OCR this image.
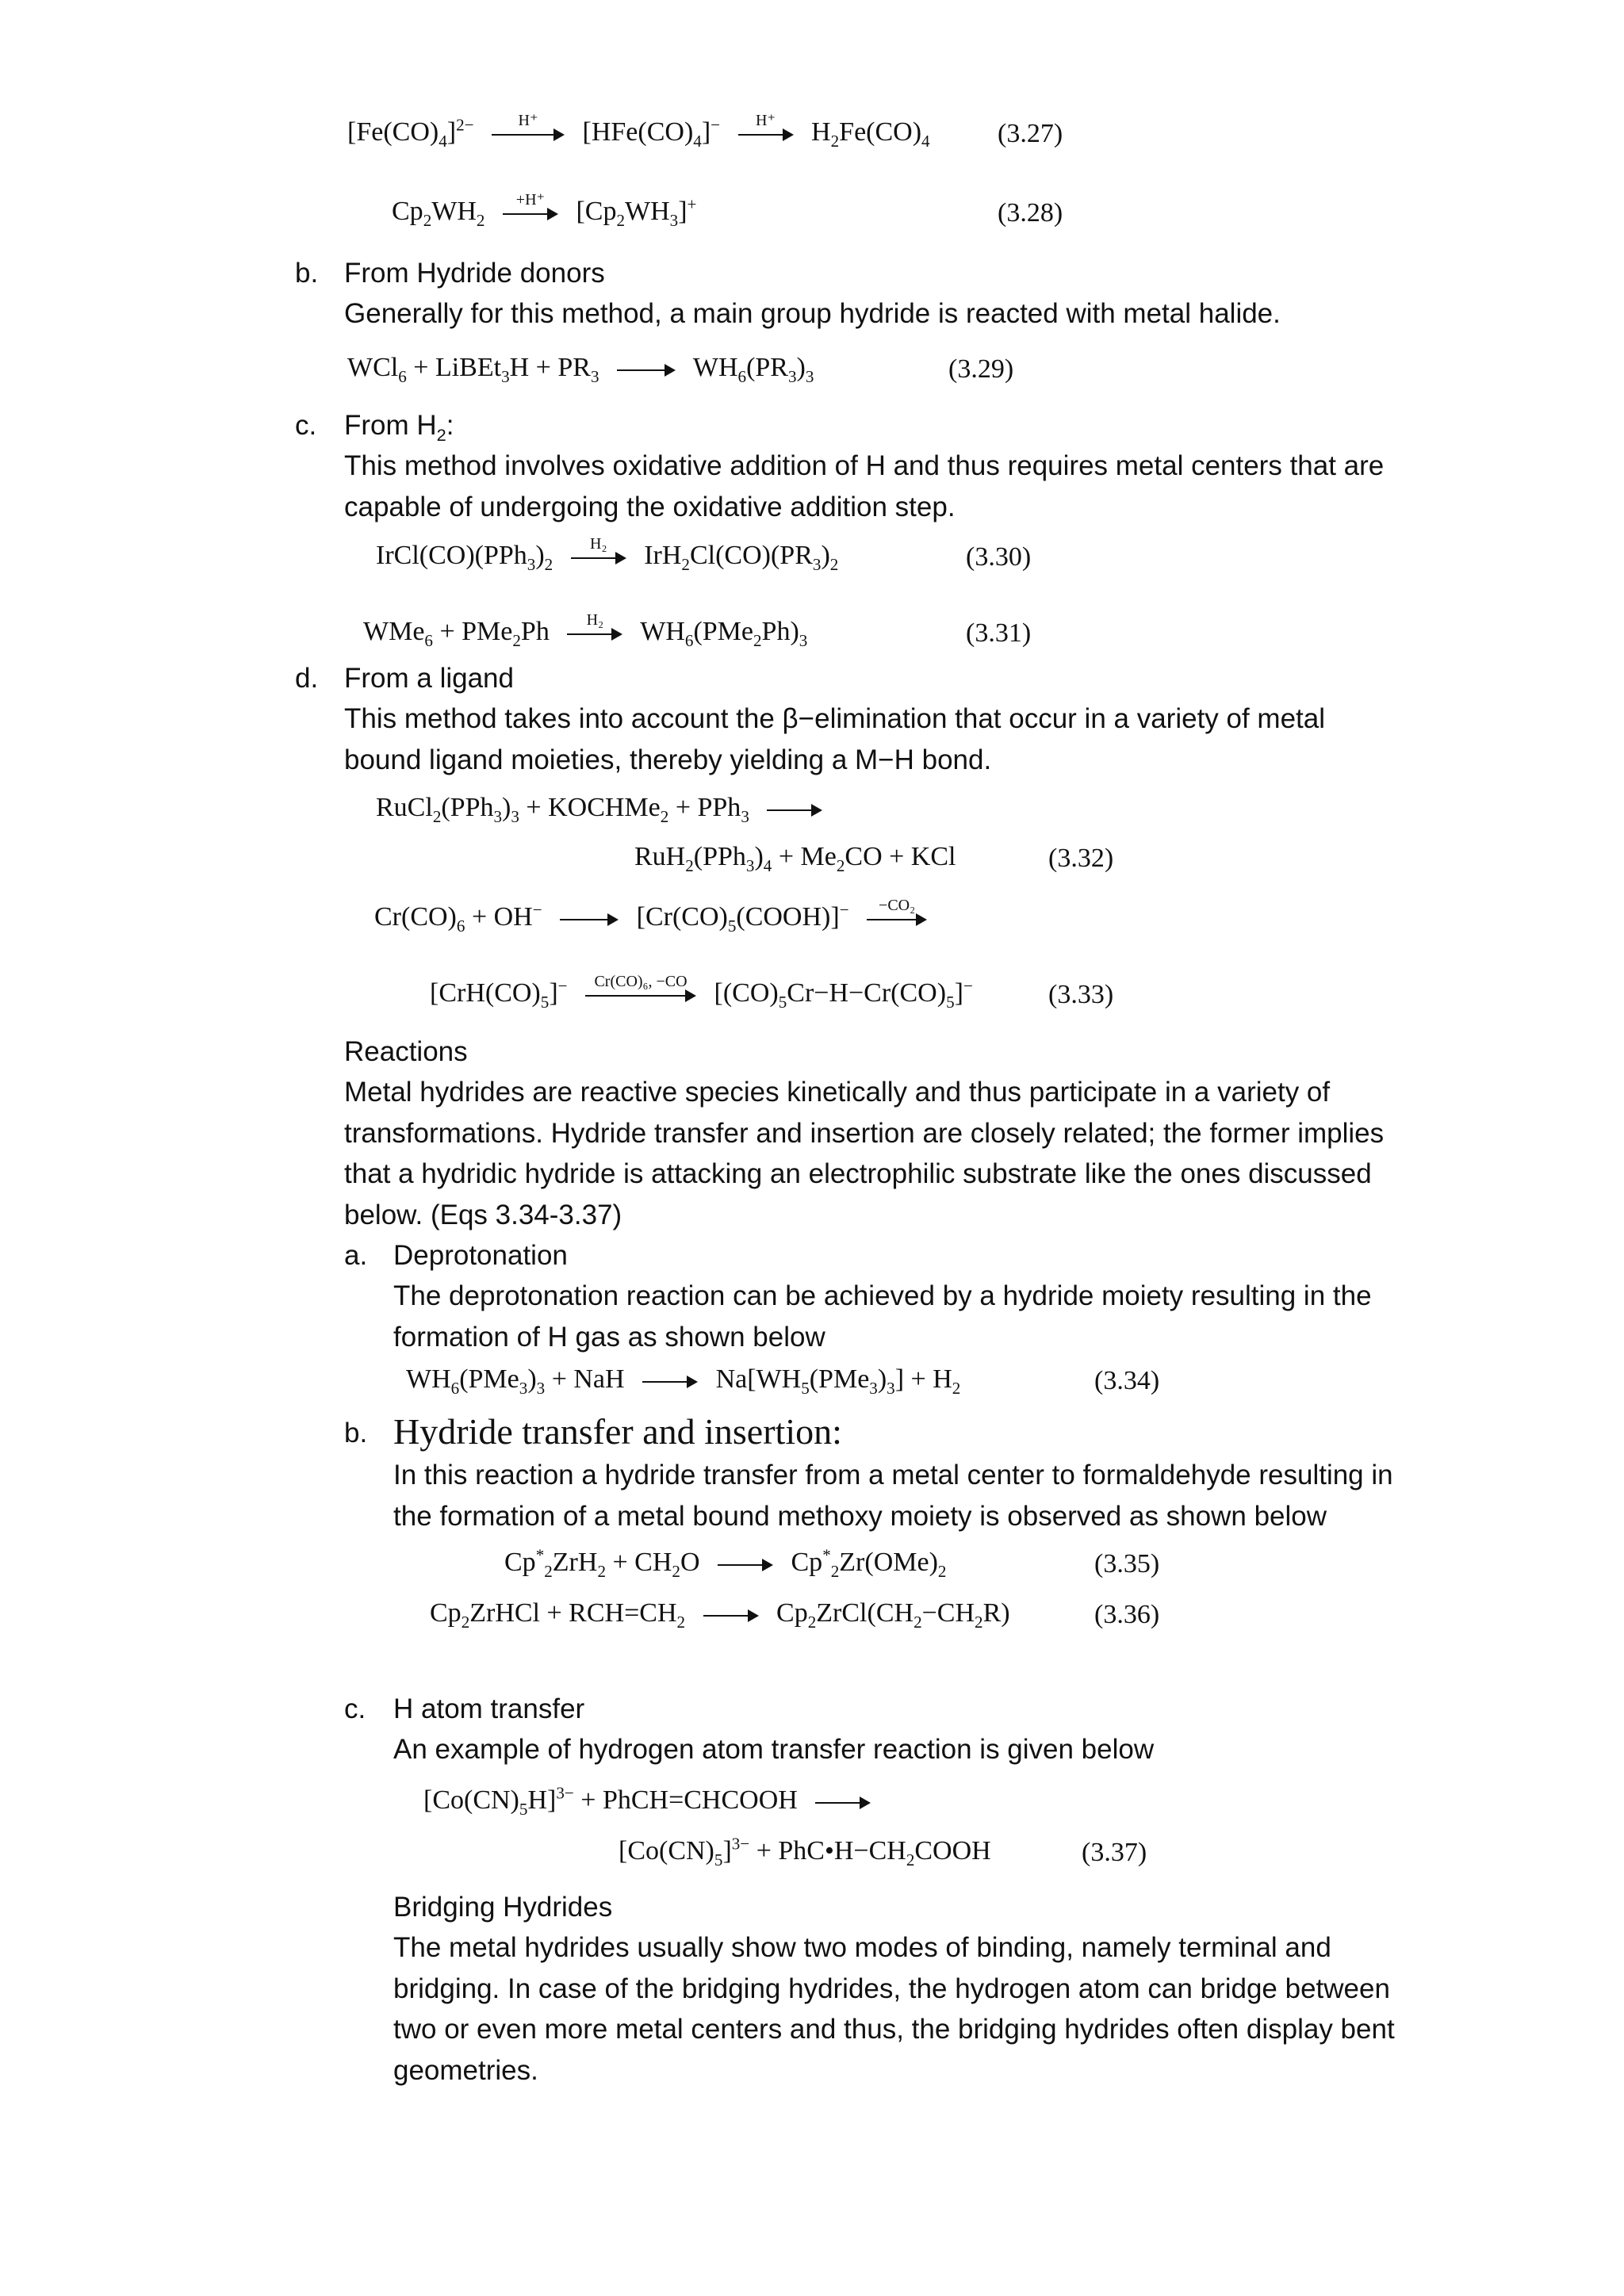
$[Fe(CO)_4]^{2-}$	H⁺	$[HFe(CO)_4]^-$	H⁺	$H_2Fe(CO)_4$	(3.27)
$Cp_2WH_2$
+H⁺	$[Cp_2WH_3]^+$	(3.28)
b. From Hydride donors
Generally for this method, a main group hydride is reacted with metal halide.
WCl$_6$ + LiBEt$_3$H + $PR_3$	$WH_6(PR_3)_3$	(3.29)
c. From $H_2$:
This method involves oxidative addition of H and thus requires metal centers that are capable of undergoing the oxidative addition step.
$IrCl(CO)(PPh_3)_2$
H₂	$IrH_2Cl(CO)(PR_3)_2$	(3.30)
WMe$_6$ + PMe$_2$Ph	H₂	$WH_6(PMe_2Ph)_3$	(3.31)
d. From a ligand
This method takes into account the β−elimination that occur in a variety of metal bound ligand moieties, thereby yielding a M−H bond.
$RuCl_2(PPh_3)_3$ + KOCHMe$_2$ + PPh$_3$
$RuH_2(PPh_3)_4 + Me_2CO$ + KCl	(3.32)
$Cr(CO)_6 + OH^-$	$[Cr(CO)_5(COOH)]^-$	−CO₂
$[CrH(CO)_5]^-$	Cr(CO)₆, −CO $[(CO)_5Cr-H-Cr(CO)_5]^-$	(3.33)
Reactions
Metal hydrides are reactive species kinetically and thus participate in a variety of transformations. Hydride transfer and insertion are closely related; the former implies that a hydridic hydride is attacking an electrophilic substrate like the ones discussed below. (Eqs 3.34-3.37)
a. Deprotonation
The deprotonation reaction can be achieved by a hydride moiety resulting in the formation of H gas as shown below
$WH_6(PMe_3)_3$ + NaH	$Na[WH_5(PMe_3)_3] + H_2$	(3.34)
b. Hydride transfer and insertion:
In this reaction a hydride transfer from a metal center to formaldehyde resulting in the formation of a metal bound methoxy moiety is observed as shown below
$Cp^*_2ZrH_2 + CH_2O$	$Cp^*_2Zr(OMe)_2$	(3.35)
$Cp_2ZrHCl + RCH=CH_2$	$Cp_2ZrCl(CH_2-CH_2R)$	(3.36)
c. H atom transfer
An example of hydrogen atom transfer reaction is given below
$[Co(CN)_5H]^{3-}$ + PhCH=CHCOOH
$[Co(CN)_5]^{3-}$ + $PhC•H-CH_2COOH$	(3.37)
Bridging Hydrides
The metal hydrides usually show two modes of binding, namely terminal and bridging. In case of the bridging hydrides, the hydrogen atom can bridge between two or even more metal centers and thus, the bridging hydrides often display bent geometries.
